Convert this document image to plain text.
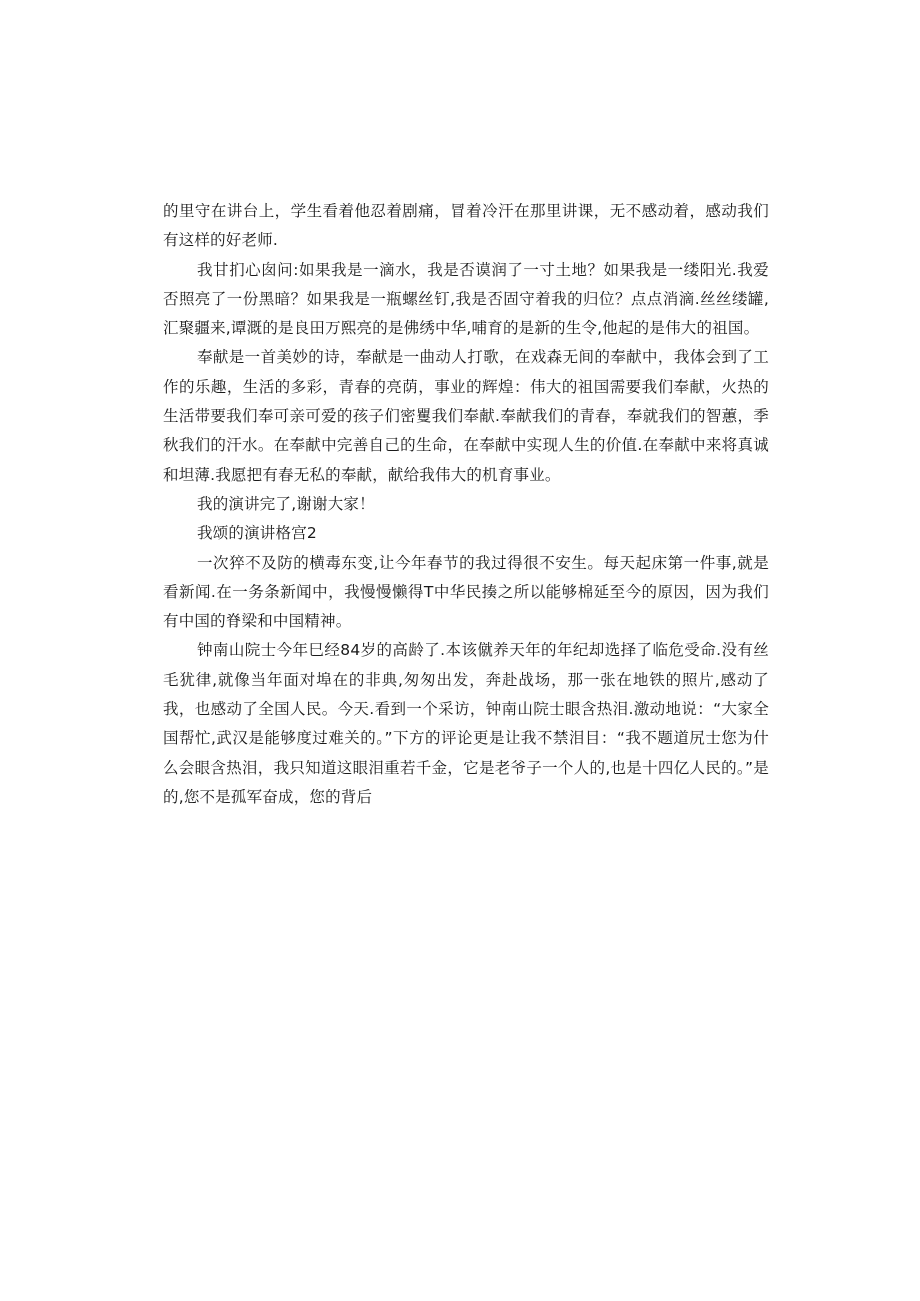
的里守在讲台上，学生看着他忍着剧痛，冒着冷汗在那里讲课，无不感动着，感动我们有这样的好老师.

我甘扪心囱问:如果我是一滴水，我是否谟润了一寸土地？如果我是一缕阳光.我爱否照亮了一份黑暗？如果我是一瓶螺丝钉,我是否固守着我的归位？点点消滴.丝丝缕罐,汇聚疆来,谭溉的是良田万熙亮的是佛绣中华,哺育的是新的生令,他起的是伟大的祖国。

奉献是一首美妙的诗，奉献是一曲动人打歌，在戏森无间的奉献中，我体会到了工作的乐趣，生活的多彩，青春的亮荫，事业的辉煌：伟大的祖国需要我们奉献，火热的生活带要我们奉可亲可爱的孩子们密矍我们奉献.奉献我们的青春，奉就我们的智蕙，季秋我们的汗水。在奉献中完善自己的生命，在奉献中实现人生的价值.在奉献中来将真诚和坦薄.我愿把有春无私的奉献，献给我伟大的机育事业。

我的演讲完了,谢谢大家！

我颂的演讲格宫2

一次猝不及防的横毒东变,让今年春节的我过得很不安生。每天起床第一件事,就是看新闻.在一务条新闻中，我慢慢懒得T中华民揍之所以能够棉延至今的原因，因为我们有中国的脊梁和中国精神。

钟南山院士今年巳经84岁的高龄了.本该僦养天年的年纪却选择了临危受命.没有丝毛犹律,就像当年面对埠在的非典,匆匆出发，奔赴战场，那一张在地铁的照片,感动了我，也感动了全国人民。今天.看到一个采访，钟南山院士眼含热泪.激动地说：“大家全国帮忙,武汉是能够度过难关的。”下方的评论更是让我不禁泪目：“我不题道尻士您为什么会眼含热泪，我只知道这眼泪重若千金，它是老爷子一个人的,也是十四亿人民的。”是的,您不是孤军奋成，您的背后
